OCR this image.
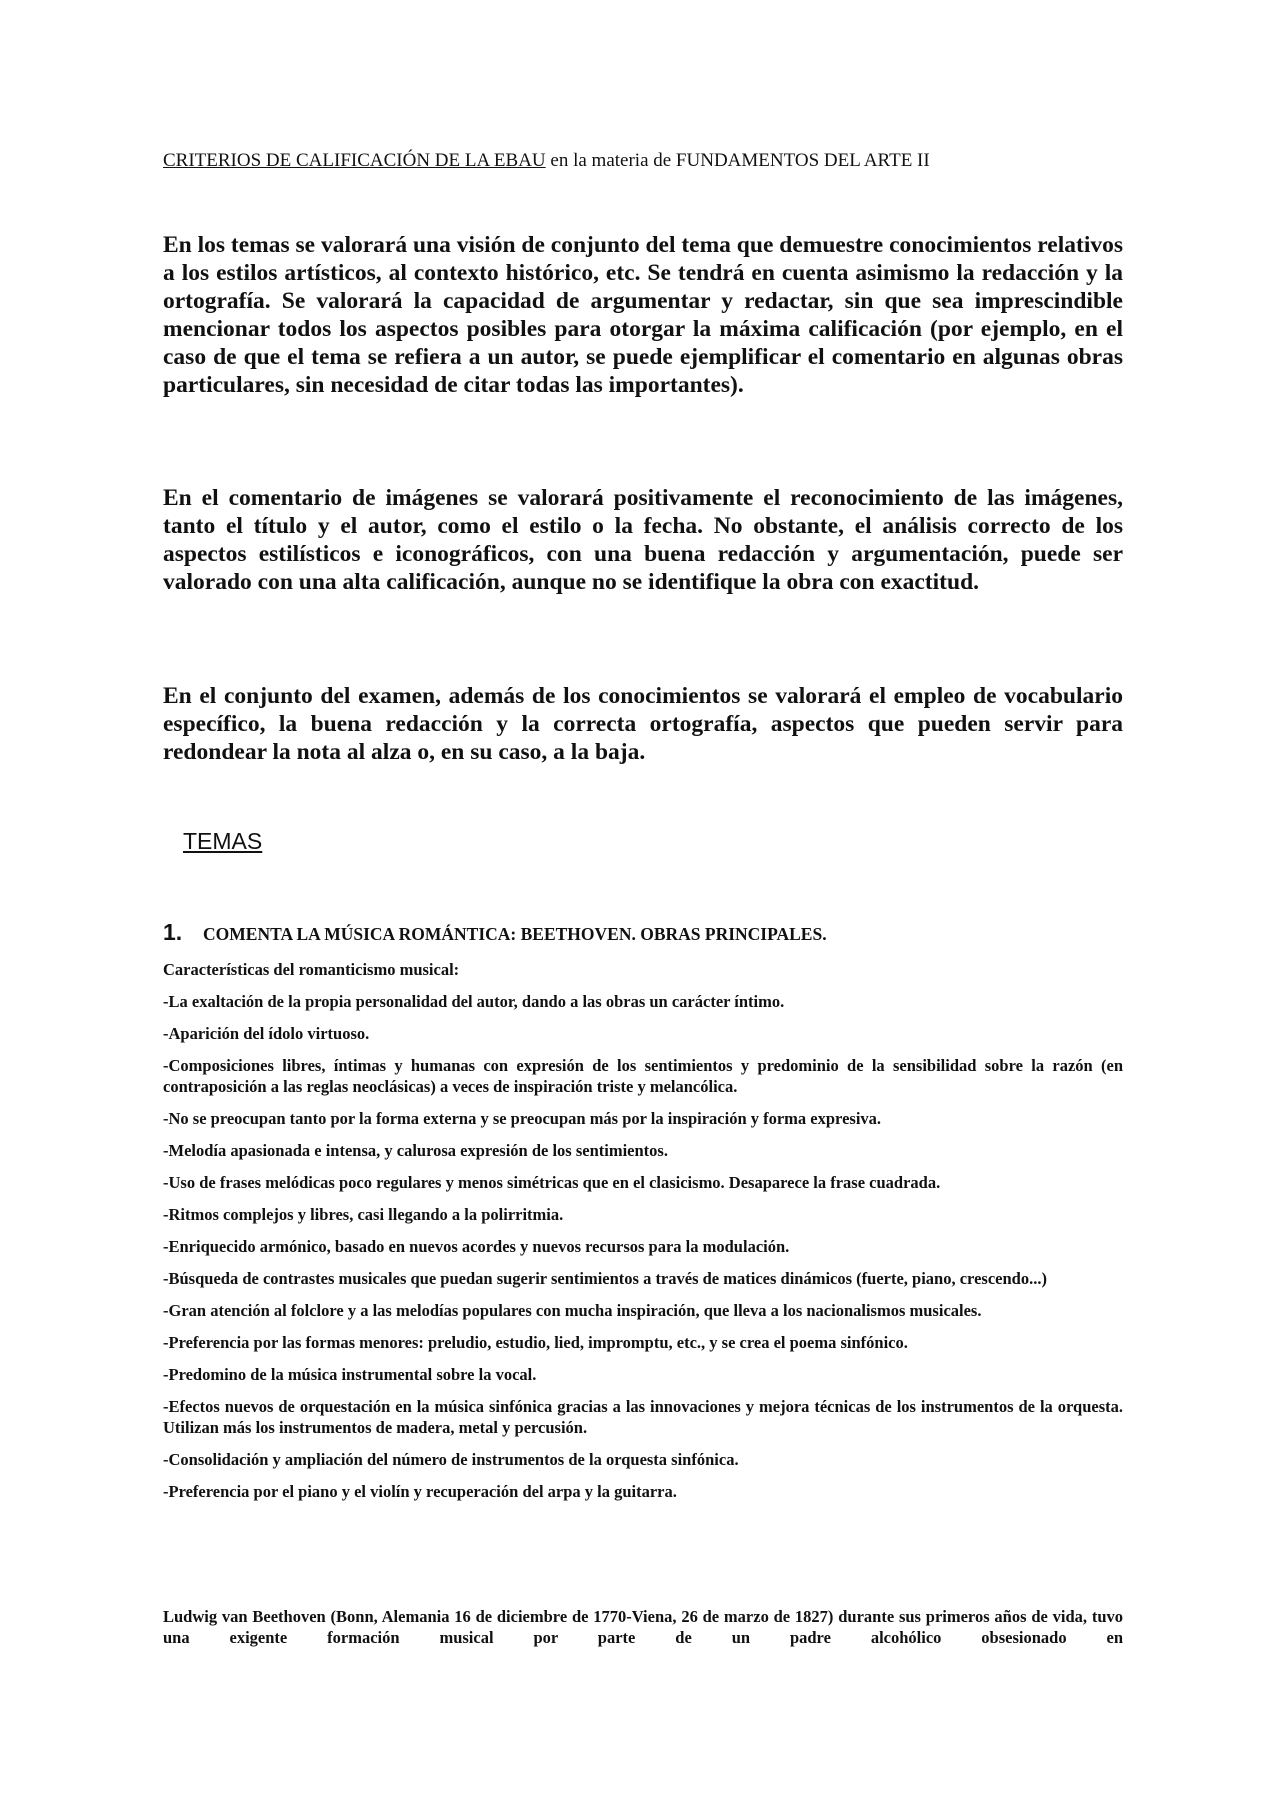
CRITERIOS DE CALIFICACIÓN DE LA EBAU en la materia de FUNDAMENTOS DEL ARTE II
En los temas se valorará una visión de conjunto del tema que demuestre conocimientos relativos a los estilos artísticos, al contexto histórico, etc. Se tendrá en cuenta asimismo la redacción y la ortografía. Se valorará la capacidad de argumentar y redactar, sin que sea imprescindible mencionar todos los aspectos posibles para otorgar la máxima calificación (por ejemplo, en el caso de que el tema se refiera a un autor, se puede ejemplificar el comentario en algunas obras particulares, sin necesidad de citar todas las importantes).
En el comentario de imágenes se valorará positivamente el reconocimiento de las imágenes, tanto el título y el autor, como el estilo o la fecha. No obstante, el análisis correcto de los aspectos estilísticos e iconográficos, con una buena redacción y argumentación, puede ser valorado con una alta calificación, aunque no se identifique la obra con exactitud.
En el conjunto del examen, además de los conocimientos se valorará el empleo de vocabulario específico, la buena redacción y la correcta ortografía, aspectos que pueden servir para redondear la nota al alza o, en su caso, a la baja.
TEMAS
1. COMENTA LA MÚSICA ROMÁNTICA: BEETHOVEN. OBRAS PRINCIPALES.
Características del romanticismo musical:
-La exaltación de la propia personalidad del autor, dando a las obras un carácter íntimo.
-Aparición del ídolo virtuoso.
-Composiciones libres, íntimas y humanas con expresión de los sentimientos y predominio de la sensibilidad sobre la razón (en contraposición a las reglas neoclásicas) a veces de inspiración triste y melancólica.
-No se preocupan tanto por la forma externa y se preocupan más por la inspiración y forma expresiva.
-Melodía apasionada e intensa, y calurosa expresión de los sentimientos.
-Uso de frases melódicas poco regulares y menos simétricas que en el clasicismo. Desaparece la frase cuadrada.
-Ritmos complejos y libres, casi llegando a la polirritmia.
-Enriquecido armónico, basado en nuevos acordes y nuevos recursos para la modulación.
-Búsqueda de contrastes musicales que puedan sugerir sentimientos a través de matices dinámicos (fuerte, piano, crescendo...)
-Gran atención al folclore y a las melodías populares con mucha inspiración, que lleva a los nacionalismos musicales.
-Preferencia por las formas menores: preludio, estudio, lied, impromptu, etc., y se crea el poema sinfónico.
-Predomino de la música instrumental sobre la vocal.
-Efectos nuevos de orquestación en la música sinfónica gracias a las innovaciones y mejora técnicas de los instrumentos de la orquesta. Utilizan más los instrumentos de madera, metal y percusión.
-Consolidación y ampliación del número de instrumentos de la orquesta sinfónica.
-Preferencia por el piano y el violín y recuperación del arpa y la guitarra.
Ludwig van Beethoven (Bonn, Alemania 16 de diciembre de 1770-Viena, 26 de marzo de 1827) durante sus primeros años de vida, tuvo una exigente formación musical por parte de un padre alcohólico obsesionado en
